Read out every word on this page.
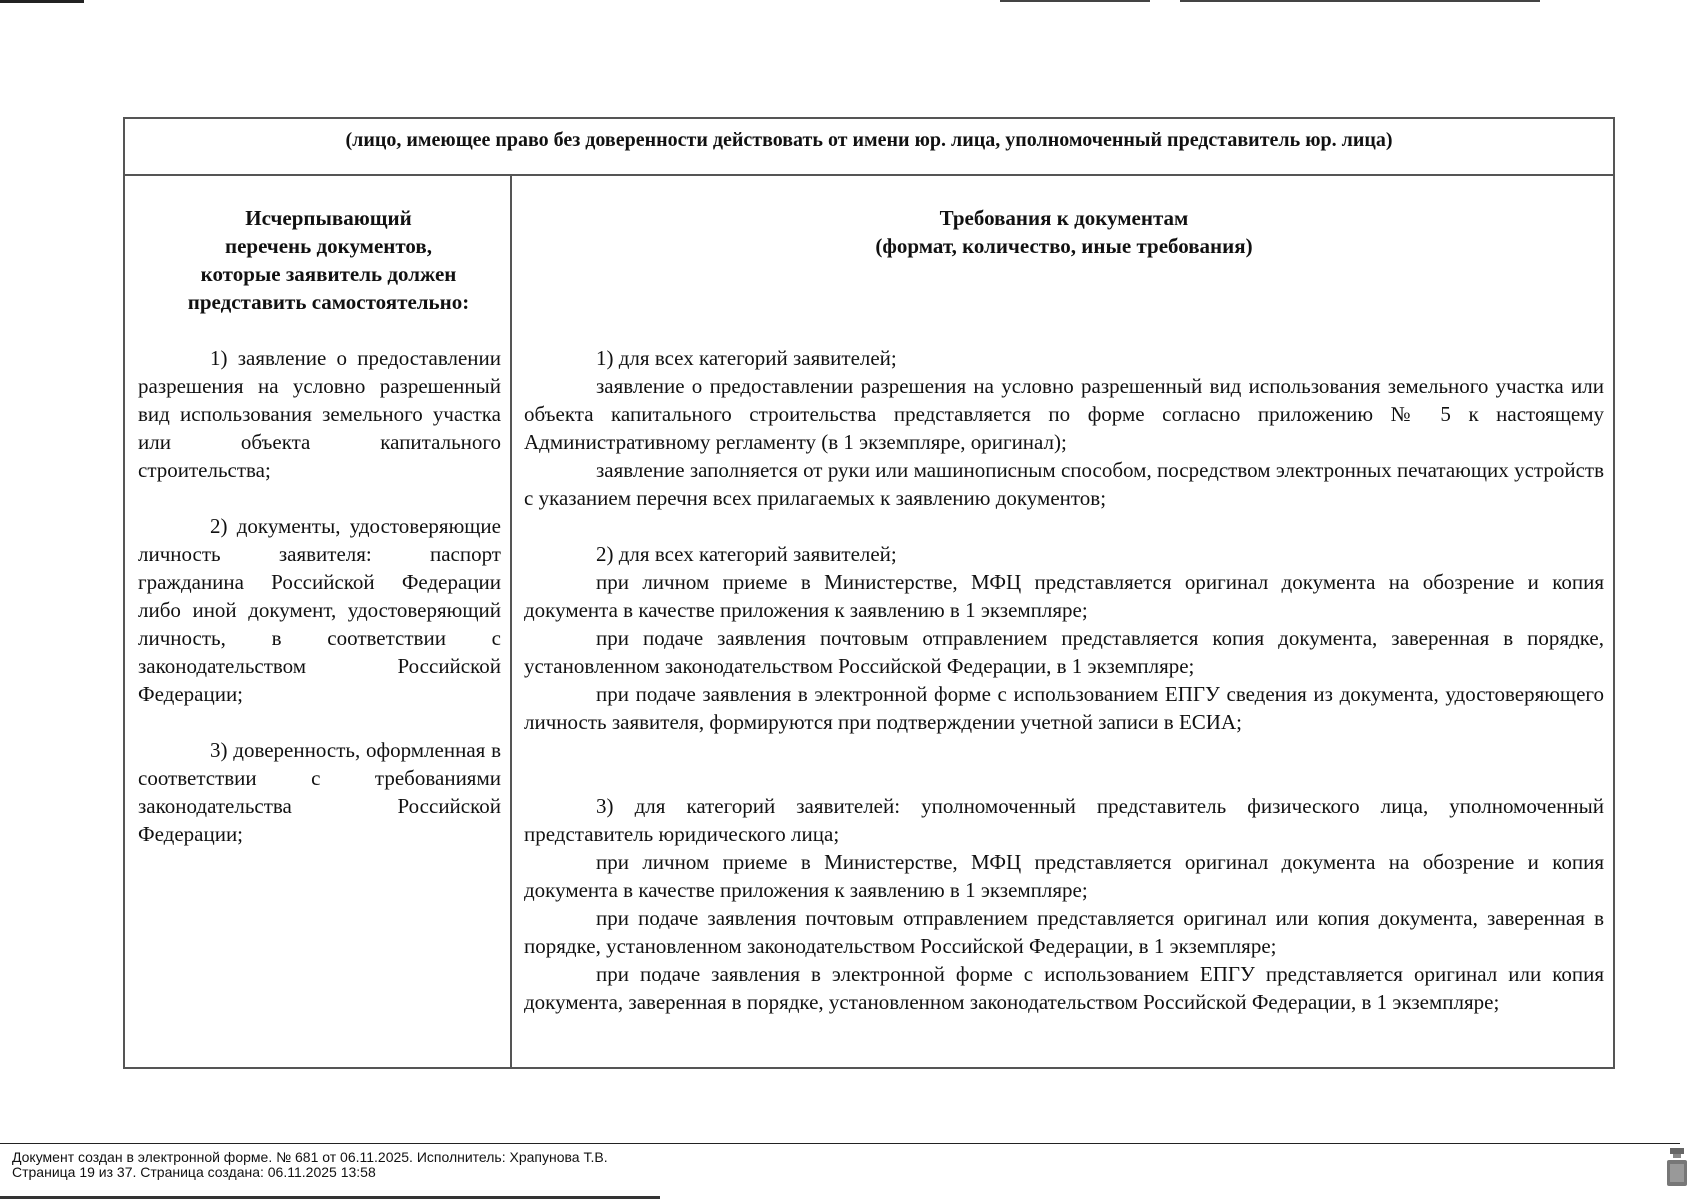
(лицо, имеющее право без доверенности действовать от имени юр. лица, уполномоченный представитель юр. лица)
Исчерпывающий
перечень документов,
которые заявитель должен
представить самостоятельно:

1) заявление о предоставлении разрешения на условно разрешенный вид использования земельного участка или объекта капитального строительства;

2) документы, удостоверяющие личность заявителя: паспорт гражданина Российской Федерации либо иной документ, удостоверяющий личность, в соответствии с законодательством Российской Федерации;

3) доверенность, оформленная в соответствии с требованиями законодательства Российской Федерации;

Требования к документам
(формат, количество, иные требования)

1) для всех категорий заявителей;

заявление о предоставлении разрешения на условно разрешенный вид использования земельного участка или объекта капитального строительства представляется по форме согласно приложению № 5 к настоящему Административному регламенту (в 1 экземпляре, оригинал);

заявление заполняется от руки или машинописным способом, посредством электронных печатающих устройств с указанием перечня всех прилагаемых к заявлению документов;

2) для всех категорий заявителей;

при личном приеме в Министерстве, МФЦ представляется оригинал документа на обозрение и копия документа в качестве приложения к заявлению в 1 экземпляре;

при подаче заявления почтовым отправлением представляется копия документа, заверенная в порядке, установленном законодательством Российской Федерации, в 1 экземпляре;

при подаче заявления в электронной форме с использованием ЕПГУ сведения из документа, удостоверяющего личность заявителя, формируются при подтверждении учетной записи в ЕСИА;

3) для категорий заявителей: уполномоченный представитель физического лица, уполномоченный представитель юридического лица;

при личном приеме в Министерстве, МФЦ представляется оригинал документа на обозрение и копия документа в качестве приложения к заявлению в 1 экземпляре;

при подаче заявления почтовым отправлением представляется оригинал или копия документа, заверенная в порядке, установленном законодательством Российской Федерации, в 1 экземпляре;

при подаче заявления в электронной форме с использованием ЕПГУ представляется оригинал или копия документа, заверенная в порядке, установленном законодательством Российской Федерации, в 1 экземпляре;

Документ создан в электронной форме. № 681 от 06.11.2025. Исполнитель: Храпунова Т.В.
Страница 19 из 37. Страница создана: 06.11.2025 13:58
